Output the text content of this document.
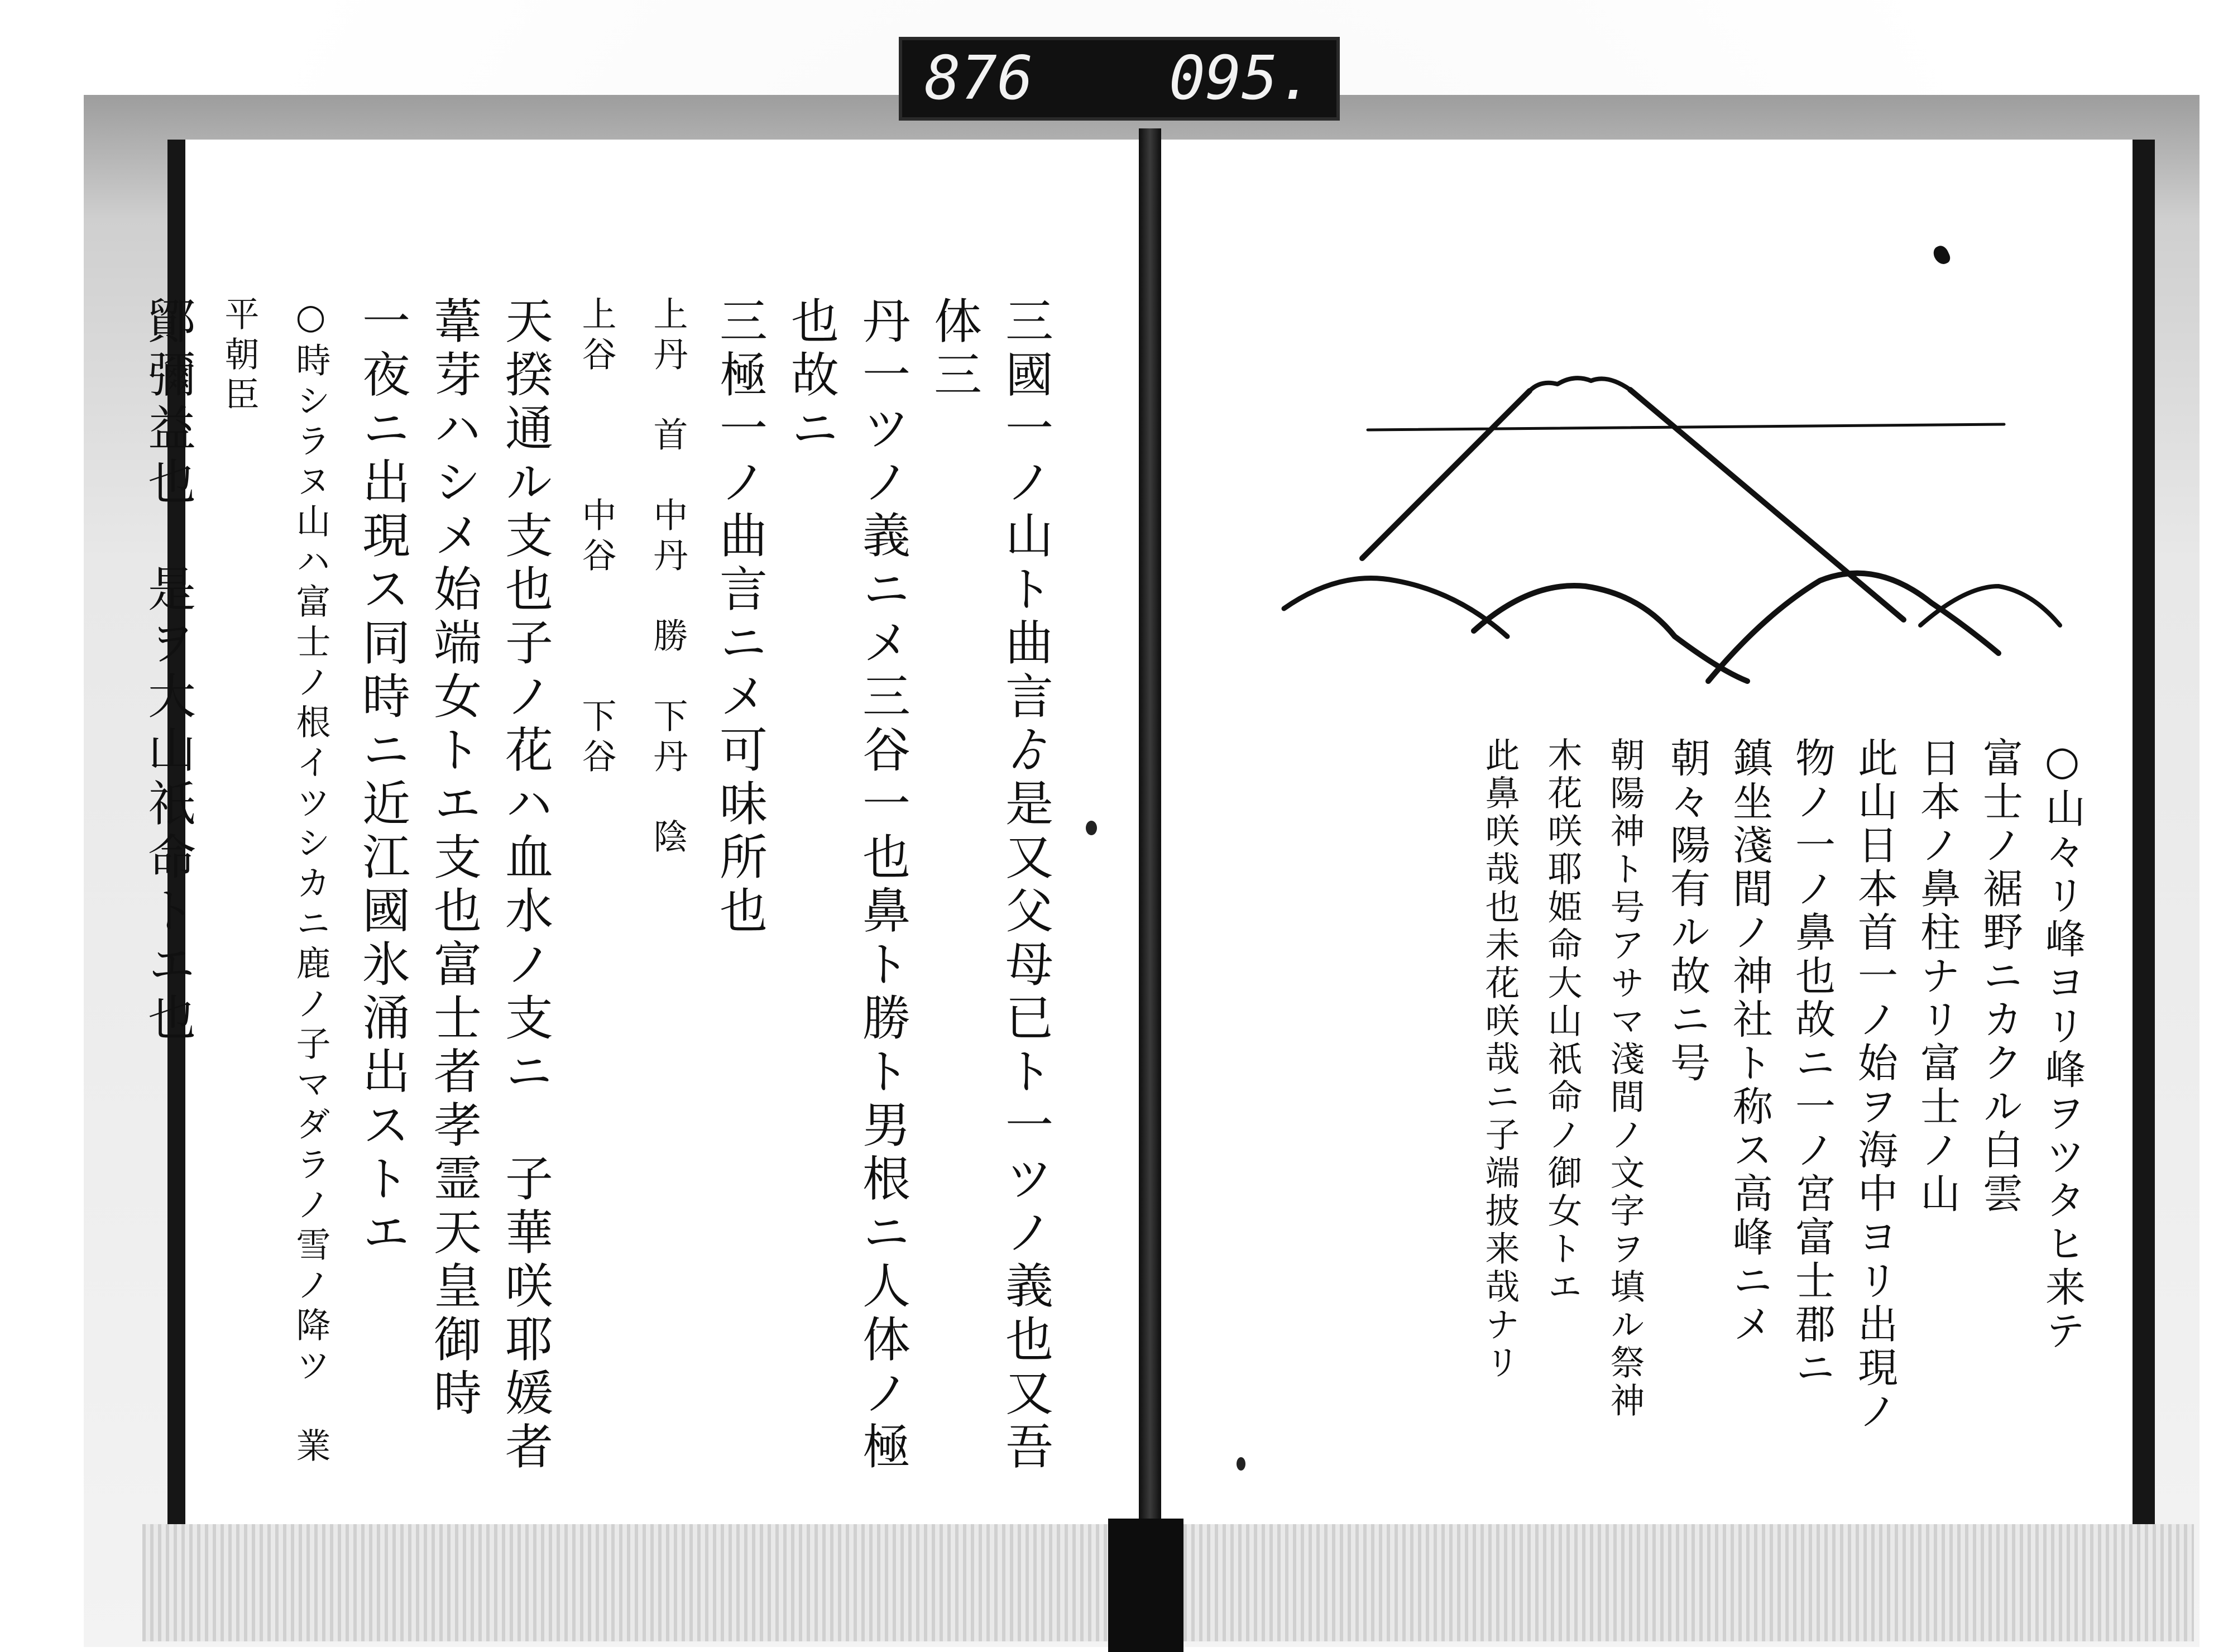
876 095.
三國一ノ山ト曲言ゟ是又父母已ト一ツノ義也又吾体三
丹一ツノ義ニメ三谷一也鼻ト勝ト男根ニ人体ノ極也故ニ
三極一ノ曲言ニメ可味所也
上丹　首　中丹　勝　下丹　陰
上谷　　　中谷　　　下谷
天揆通ル支也子ノ花ハ血水ノ支ニ　子華咲耶媛者
葦芽ハシメ始端女トエ支也富士者孝霊天皇御時
一夜ニ出現ス同時ニ近江國氷涌出ストエ
○時シラヌ山ハ富士ノ根イツシカニ鹿ノ子マダラノ雪ノ降ツ　業平朝臣
鄮彌益也　是ヲ大山祇命トエ也	○山々リ峰ヨリ峰ヲツタヒ来テ
富士ノ裾野ニカクル白雲
日本ノ鼻柱ナリ富士ノ山
此山日本首一ノ始ヲ海中ヨリ出現ノ
物ノ一ノ鼻也故ニ一ノ宮富士郡ニ
鎮坐淺間ノ神社ト称ス高峰ニメ
朝々陽有ル故ニ号
朝陽神ト号アサマ淺間ノ文字ヲ填ル祭神
木花咲耶姫命大山祇命ノ御女トエ
此鼻咲哉也未花咲哉ニ子端披来哉ナリ
